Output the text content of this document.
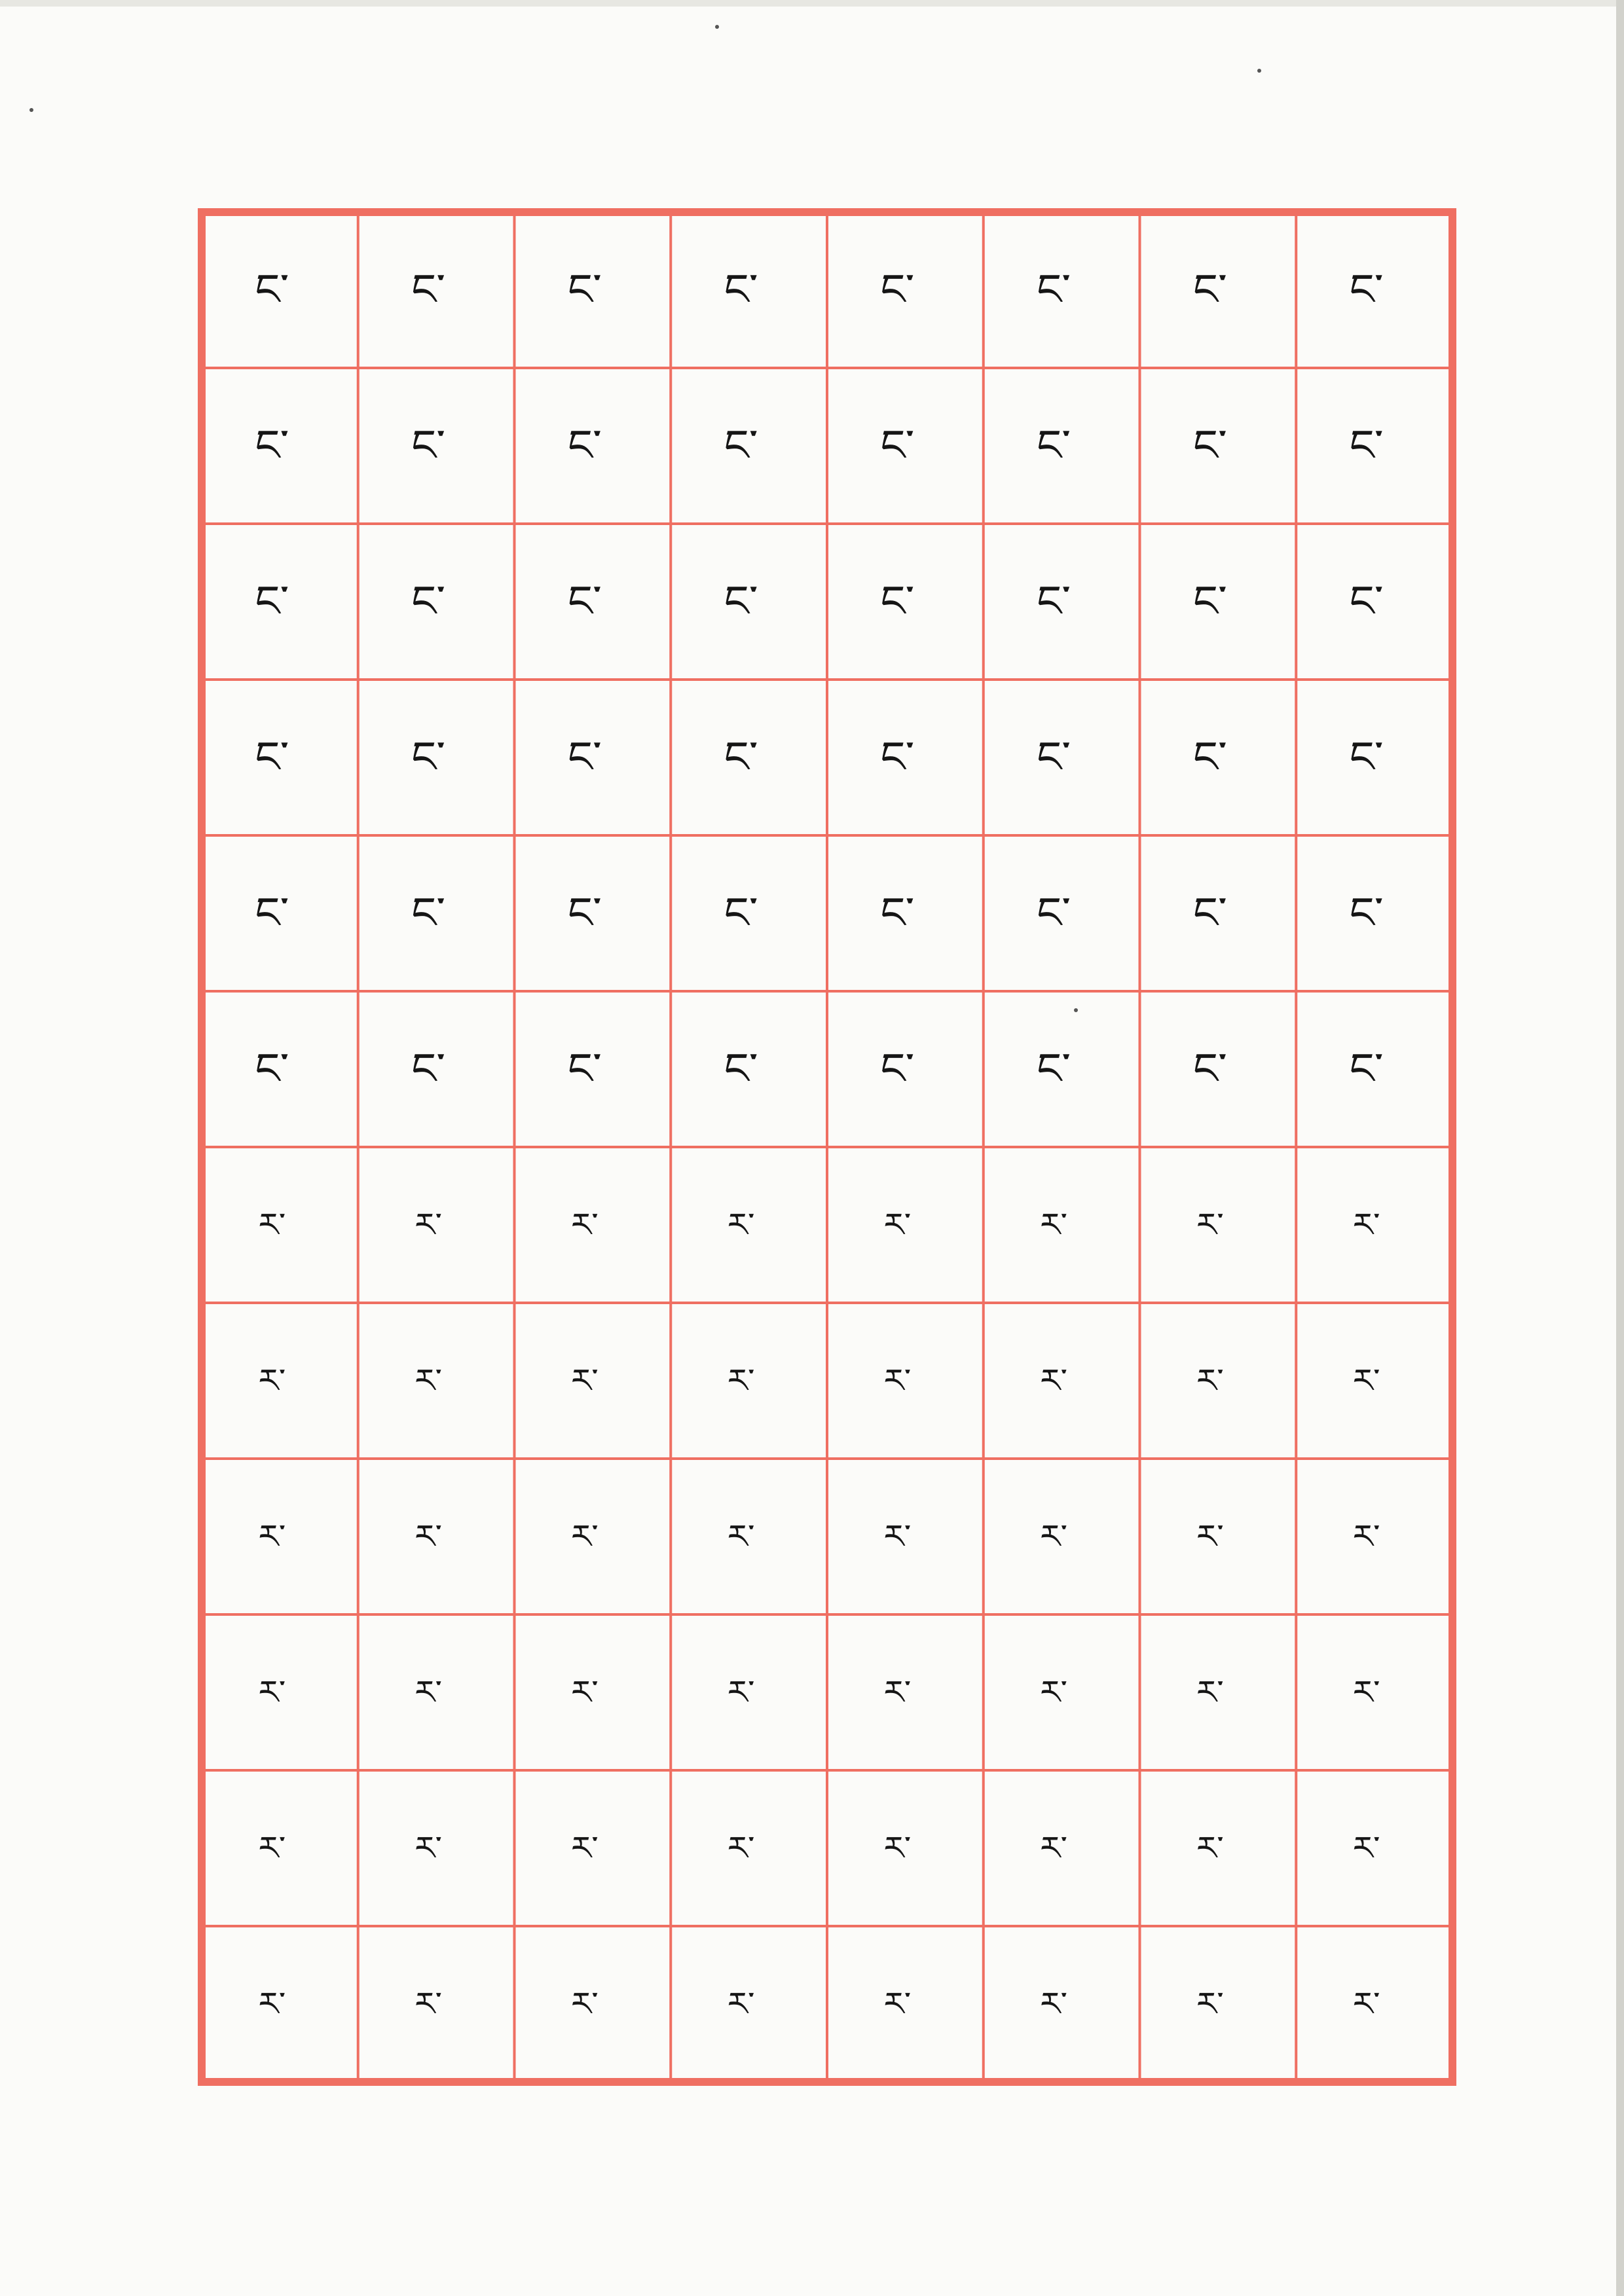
ང་	ང་	ང་	ང་	ང་	ང་	ང་	ང་
ང་	ང་	ང་	ང་	ང་	ང་	ང་	ང་
ང་	ང་	ང་	ང་	ང་	ང་	ང་	ང་
ང་	ང་	ང་	ང་	ང་	ང་	ང་	ང་
ང་	ང་	ང་	ང་	ང་	ང་	ང་	ང་
ང་	ང་	ང་	ང་	ང་	ང་	ང་	ང་
ར་	ར་	ར་	ར་	ར་	ར་	ར་	ར་
ར་	ར་	ར་	ར་	ར་	ར་	ར་	ར་
ར་	ར་	ར་	ར་	ར་	ར་	ར་	ར་
ར་	ར་	ར་	ར་	ར་	ར་	ར་	ར་
ར་	ར་	ར་	ར་	ར་	ར་	ར་	ར་
ར་	ར་	ར་	ར་	ར་	ར་	ར་	ར་
